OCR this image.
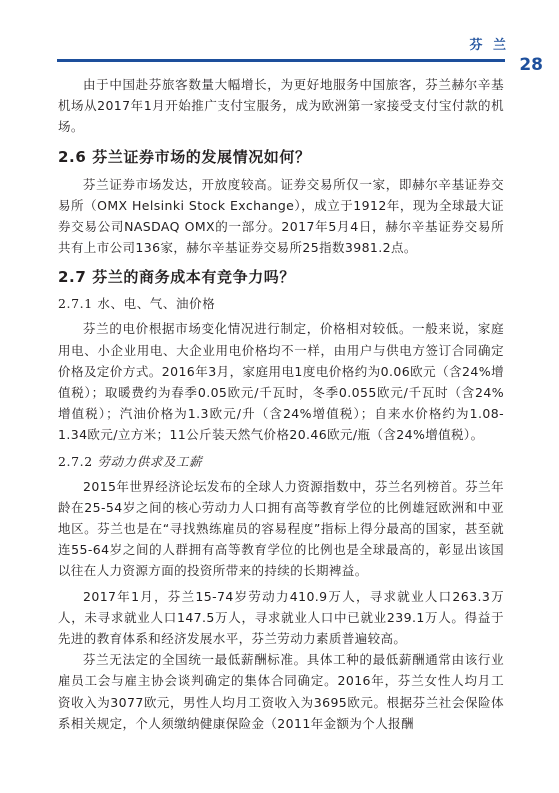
芬 兰
28

由于中国赴芬旅客数量大幅增长，为更好地服务中国旅客，芬兰赫尔辛基机场从2017年1月开始推广支付宝服务，成为欧洲第一家接受支付宝付款的机场。

2.6 芬兰证券市场的发展情况如何？

芬兰证券市场发达，开放度较高。证券交易所仅一家，即赫尔辛基证券交易所（OMX Helsinki Stock Exchange），成立于1912年，现为全球最大证券交易公司NASDAQ OMX的一部分。2017年5月4日，赫尔辛基证券交易所共有上市公司136家，赫尔辛基证券交易所25指数3981.2点。

2.7 芬兰的商务成本有竞争力吗？
2.7.1 水、电、气、油价格

芬兰的电价根据市场变化情况进行制定，价格相对较低。一般来说，家庭用电、小企业用电、大企业用电价格均不一样，由用户与供电方签订合同确定价格及定价方式。2016年3月，家庭用电1度电价格约为0.06欧元（含24%增值税）；取暖费约为春季0.05欧元/千瓦时，冬季0.055欧元/千瓦时（含24%增值税）；汽油价格为1.3欧元/升（含24%增值税）；自来水价格约为1.08-1.34欧元/立方米；11公斤装天然气价格20.46欧元/瓶（含24%增值税）。

2.7.2 劳动力供求及工薪

2015年世界经济论坛发布的全球人力资源指数中，芬兰名列榜首。芬兰年龄在25-54岁之间的核心劳动力人口拥有高等教育学位的比例雄冠欧洲和中亚地区。芬兰也是在“寻找熟练雇员的容易程度”指标上得分最高的国家，甚至就连55-64岁之间的人群拥有高等教育学位的比例也是全球最高的，彰显出该国以往在人力资源方面的投资所带来的持续的长期裨益。

2017年1月，芬兰15-74岁劳动力410.9万人，寻求就业人口263.3万人，未寻求就业人口147.5万人，寻求就业人口中已就业239.1万人。得益于先进的教育体系和经济发展水平，芬兰劳动力素质普遍较高。

芬兰无法定的全国统一最低薪酬标准。具体工种的最低薪酬通常由该行业雇员工会与雇主协会谈判确定的集体合同确定。2016年，芬兰女性人均月工资收入为3077欧元，男性人均月工资收入为3695欧元。根据芬兰社会保险体系相关规定，个人须缴纳健康保险金（2011年金额为个人报酬
